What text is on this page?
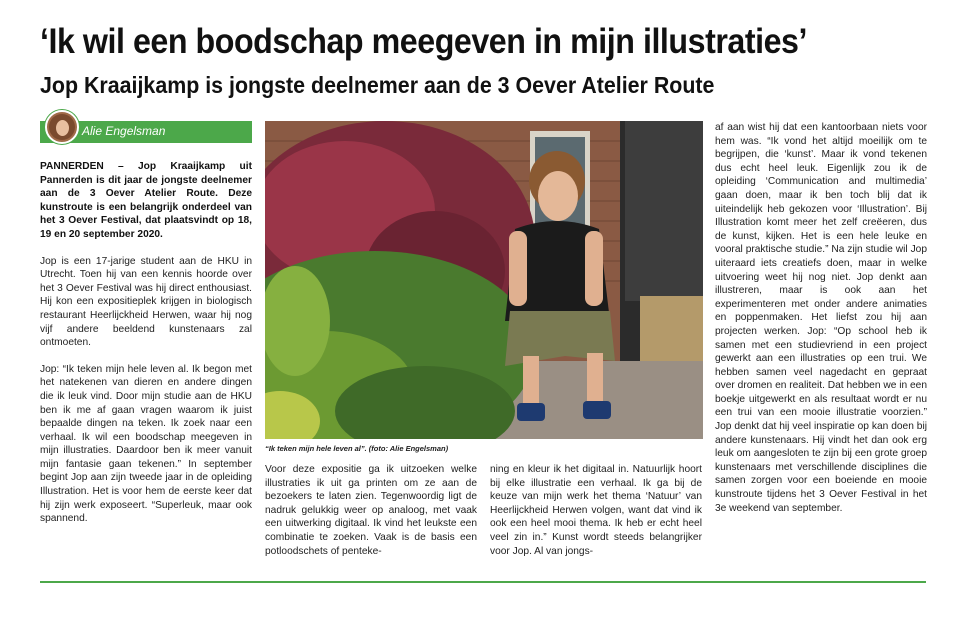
‘Ik wil een boodschap meegeven in mijn illustraties’
Jop Kraaijkamp is jongste deelnemer aan de 3 Oever Atelier Route
Alie Engelsman

PANNERDEN – Jop Kraaijkamp uit Pannerden is dit jaar de jongste deelnemer aan de 3 Oever Atelier Route. Deze kunstroute is een belangrijk onderdeel van het 3 Oever Festival, dat plaatsvindt op 18, 19 en 20 september 2020.

Jop is een 17-jarige student aan de HKU in Utrecht. Toen hij van een kennis hoorde over het 3 Oever Festival was hij direct enthousiast. Hij kon een expositieplek krijgen in biologisch restaurant Heerlijckheid Herwen, waar hij nog vijf andere beeldend kunstenaars zal ontmoeten.

Jop: “Ik teken mijn hele leven al. Ik begon met het natekenen van dieren en andere dingen die ik leuk vind. Door mijn studie aan de HKU ben ik me af gaan vragen waarom ik juist bepaalde dingen na teken. Ik zoek naar een verhaal. Ik wil een boodschap meegeven in mijn illustraties. Daardoor ben ik meer vanuit mijn fantasie gaan tekenen.” In september begint Jop aan zijn tweede jaar in de opleiding Illustration. Het is voor hem de eerste keer dat hij zijn werk exposeert. “Superleuk, maar ook spannend.

“Ik teken mijn hele leven al”. (foto: Alie Engelsman)
Voor deze expositie ga ik uitzoeken welke illustraties ik uit ga printen om ze aan de bezoekers te laten zien. Tegenwoordig ligt de nadruk gelukkig weer op analoog, met vaak een uitwerking digitaal. Ik vind het leukste een combinatie te zoeken. Vaak is de basis een potloodschets of penteke-
ning en kleur ik het digitaal in. Natuurlijk hoort bij elke illustratie een verhaal. Ik ga bij de keuze van mijn werk het thema ‘Natuur’ van Heerlijckheid Herwen volgen, want dat vind ik ook een heel mooi thema. Ik heb er echt heel veel zin in.” Kunst wordt steeds belangrijker voor Jop. Al van jongs-
af aan wist hij dat een kantoorbaan niets voor hem was. “Ik vond het altijd moeilijk om te begrijpen, die ‘kunst’. Maar ik vond tekenen dus echt heel leuk. Eigenlijk zou ik de opleiding ‘Communication and multimedia’ gaan doen, maar ik ben toch blij dat ik uiteindelijk heb gekozen voor ‘Illustration’. Bij Illustration komt meer het zelf creëeren, dus de kunst, kijken. Het is een hele leuke en vooral praktische studie.” Na zijn studie wil Jop uiteraard iets creatiefs doen, maar in welke uitvoering weet hij nog niet. Jop denkt aan illustreren, maar is ook aan het experimenteren met onder andere animaties en poppenmaken. Het liefst zou hij aan projecten werken. Jop: “Op school heb ik samen met een studievriend in een project gewerkt aan een illustraties op een trui. We hebben samen veel nagedacht en gepraat over dromen en realiteit. Dat hebben we in een boekje uitgewerkt en als resultaat wordt er nu een trui van een mooie illustratie voorzien.” Jop denkt dat hij veel inspiratie op kan doen bij andere kunstenaars. Hij vindt het dan ook erg leuk om aangesloten te zijn bij een grote groep kunstenaars met verschillende disciplines die samen zorgen voor een boeiende en mooie kunstroute tijdens het 3 Oever Festival in het 3e weekend van september.
